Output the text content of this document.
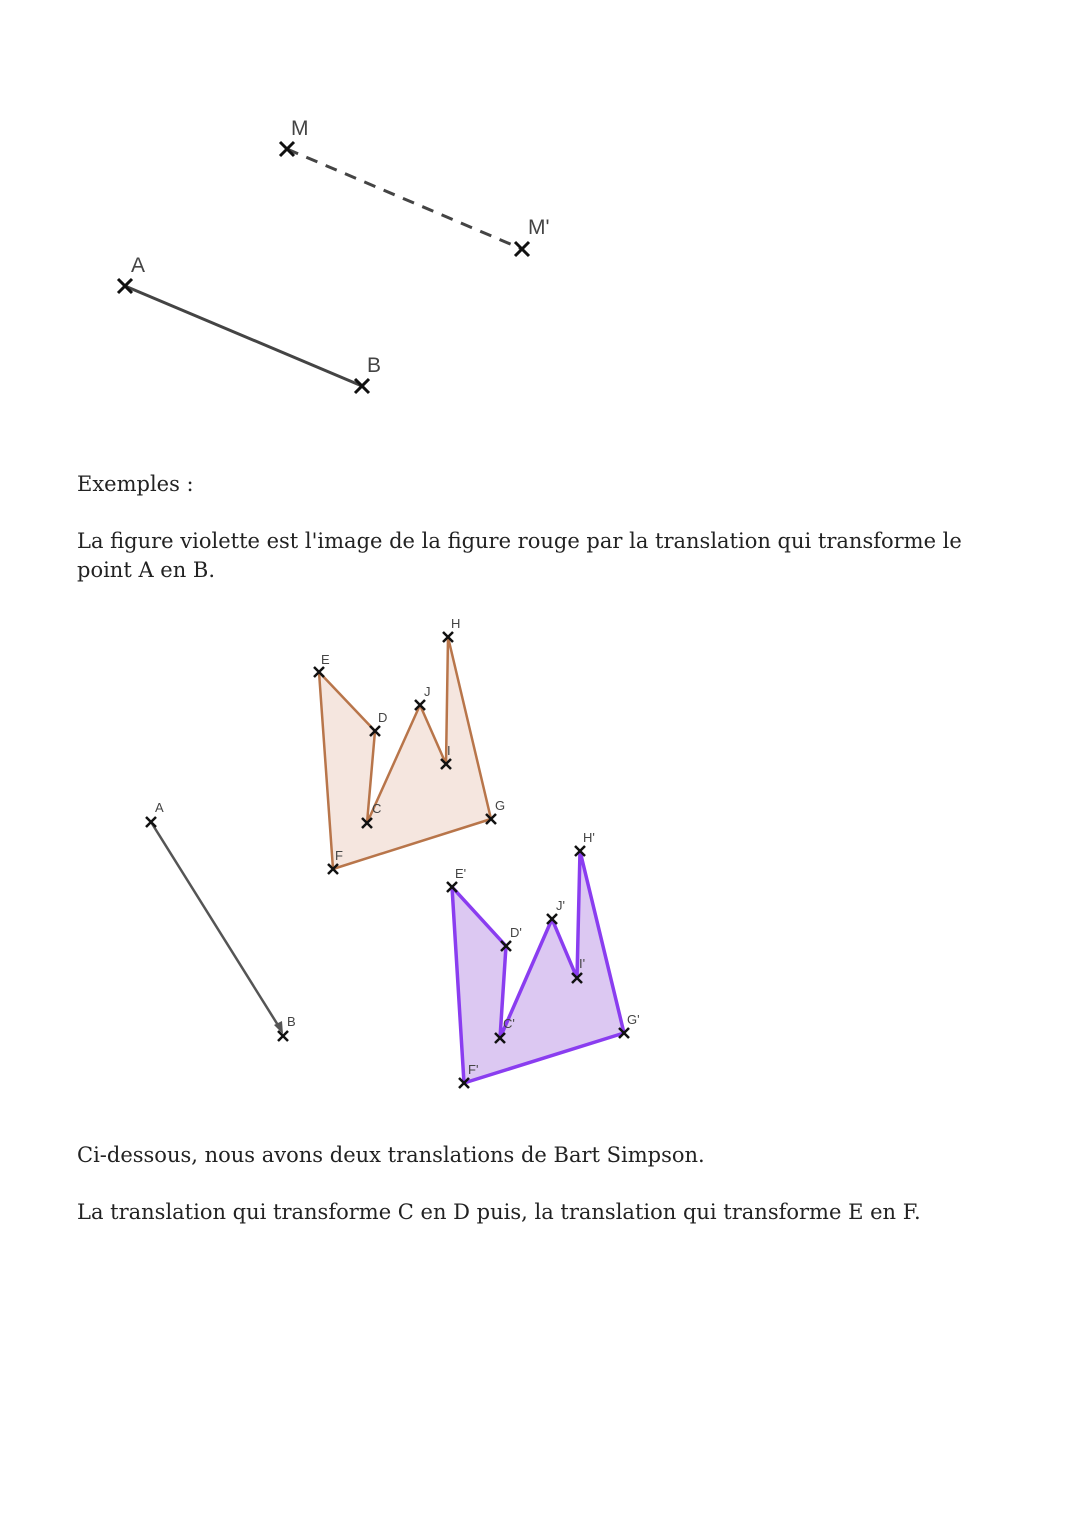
M
M'
A
B
Exemples :
La figure violette est l'image de la figure rouge par la translation qui transforme le point A en B.
A
B
E
D
C
J
I
H
G
F
E'
D'
C'
J'
I'
H'
G'
F'
Ci-dessous, nous avons deux translations de Bart Simpson.
La translation qui transforme C en D puis, la translation qui transforme E en F.
